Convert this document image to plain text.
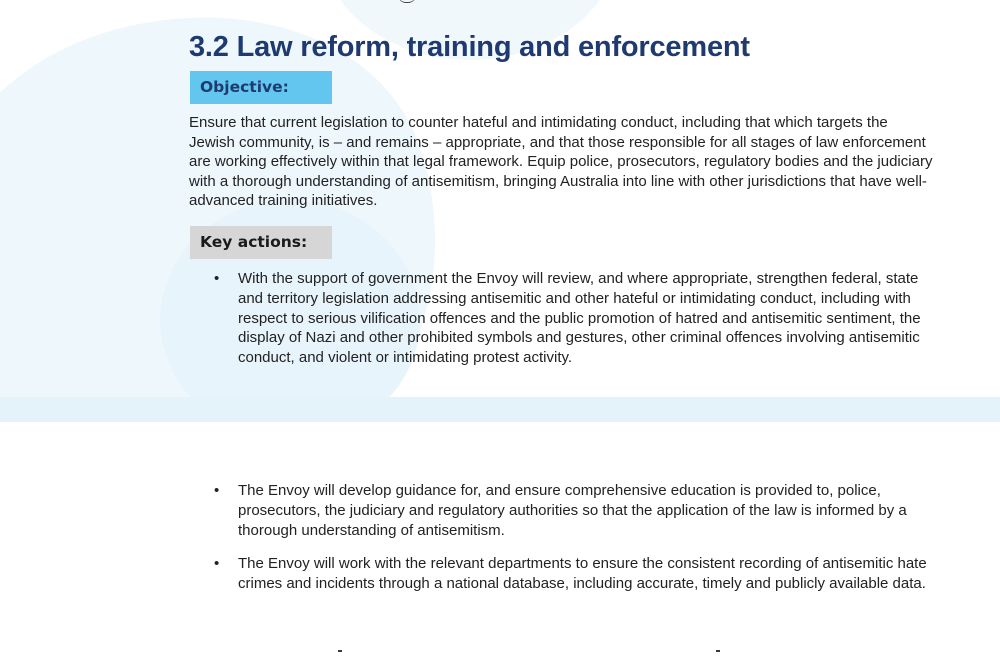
3.2 Law reform, training and enforcement
Objective:

Ensure that current legislation to counter hateful and intimidating conduct, including that which targets the Jewish community, is – and remains – appropriate, and that those responsible for all stages of law enforcement are working effectively within that legal framework. Equip police, prosecutors, regulatory bodies and the judiciary with a thorough understanding of antisemitism, bringing Australia into line with other jurisdictions that have well-advanced training initiatives.

Key actions:
• With the support of government the Envoy will review, and where appropriate, strengthen federal, state and territory legislation addressing antisemitic and other hateful or intimidating conduct, including with respect to serious vilification offences and the public promotion of hatred and antisemitic sentiment, the display of Nazi and other prohibited symbols and gestures, other criminal offences involving antisemitic conduct, and violent or intimidating protest activity.
• The Envoy will develop guidance for, and ensure comprehensive education is provided to, police, prosecutors, the judiciary and regulatory authorities so that the application of the law is informed by a thorough understanding of antisemitism.
• The Envoy will work with the relevant departments to ensure the consistent recording of antisemitic hate crimes and incidents through a national database, including accurate, timely and publicly available data.
